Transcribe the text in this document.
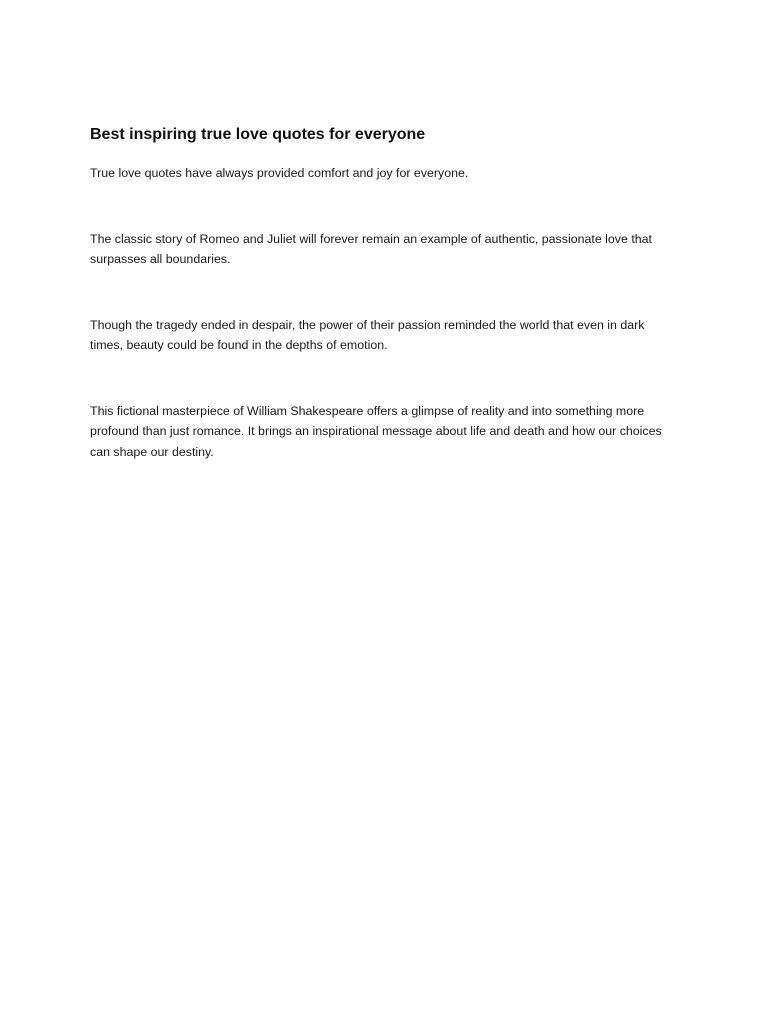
Best inspiring true love quotes for everyone

True love quotes have always provided comfort and joy for everyone.

The classic story of Romeo and Juliet will forever remain an example of authentic, passionate love that surpasses all boundaries.

Though the tragedy ended in despair, the power of their passion reminded the world that even in dark times, beauty could be found in the depths of emotion.

This fictional masterpiece of William Shakespeare offers a glimpse of reality and into something more profound than just romance. It brings an inspirational message about life and death and how our choices can shape our destiny.
